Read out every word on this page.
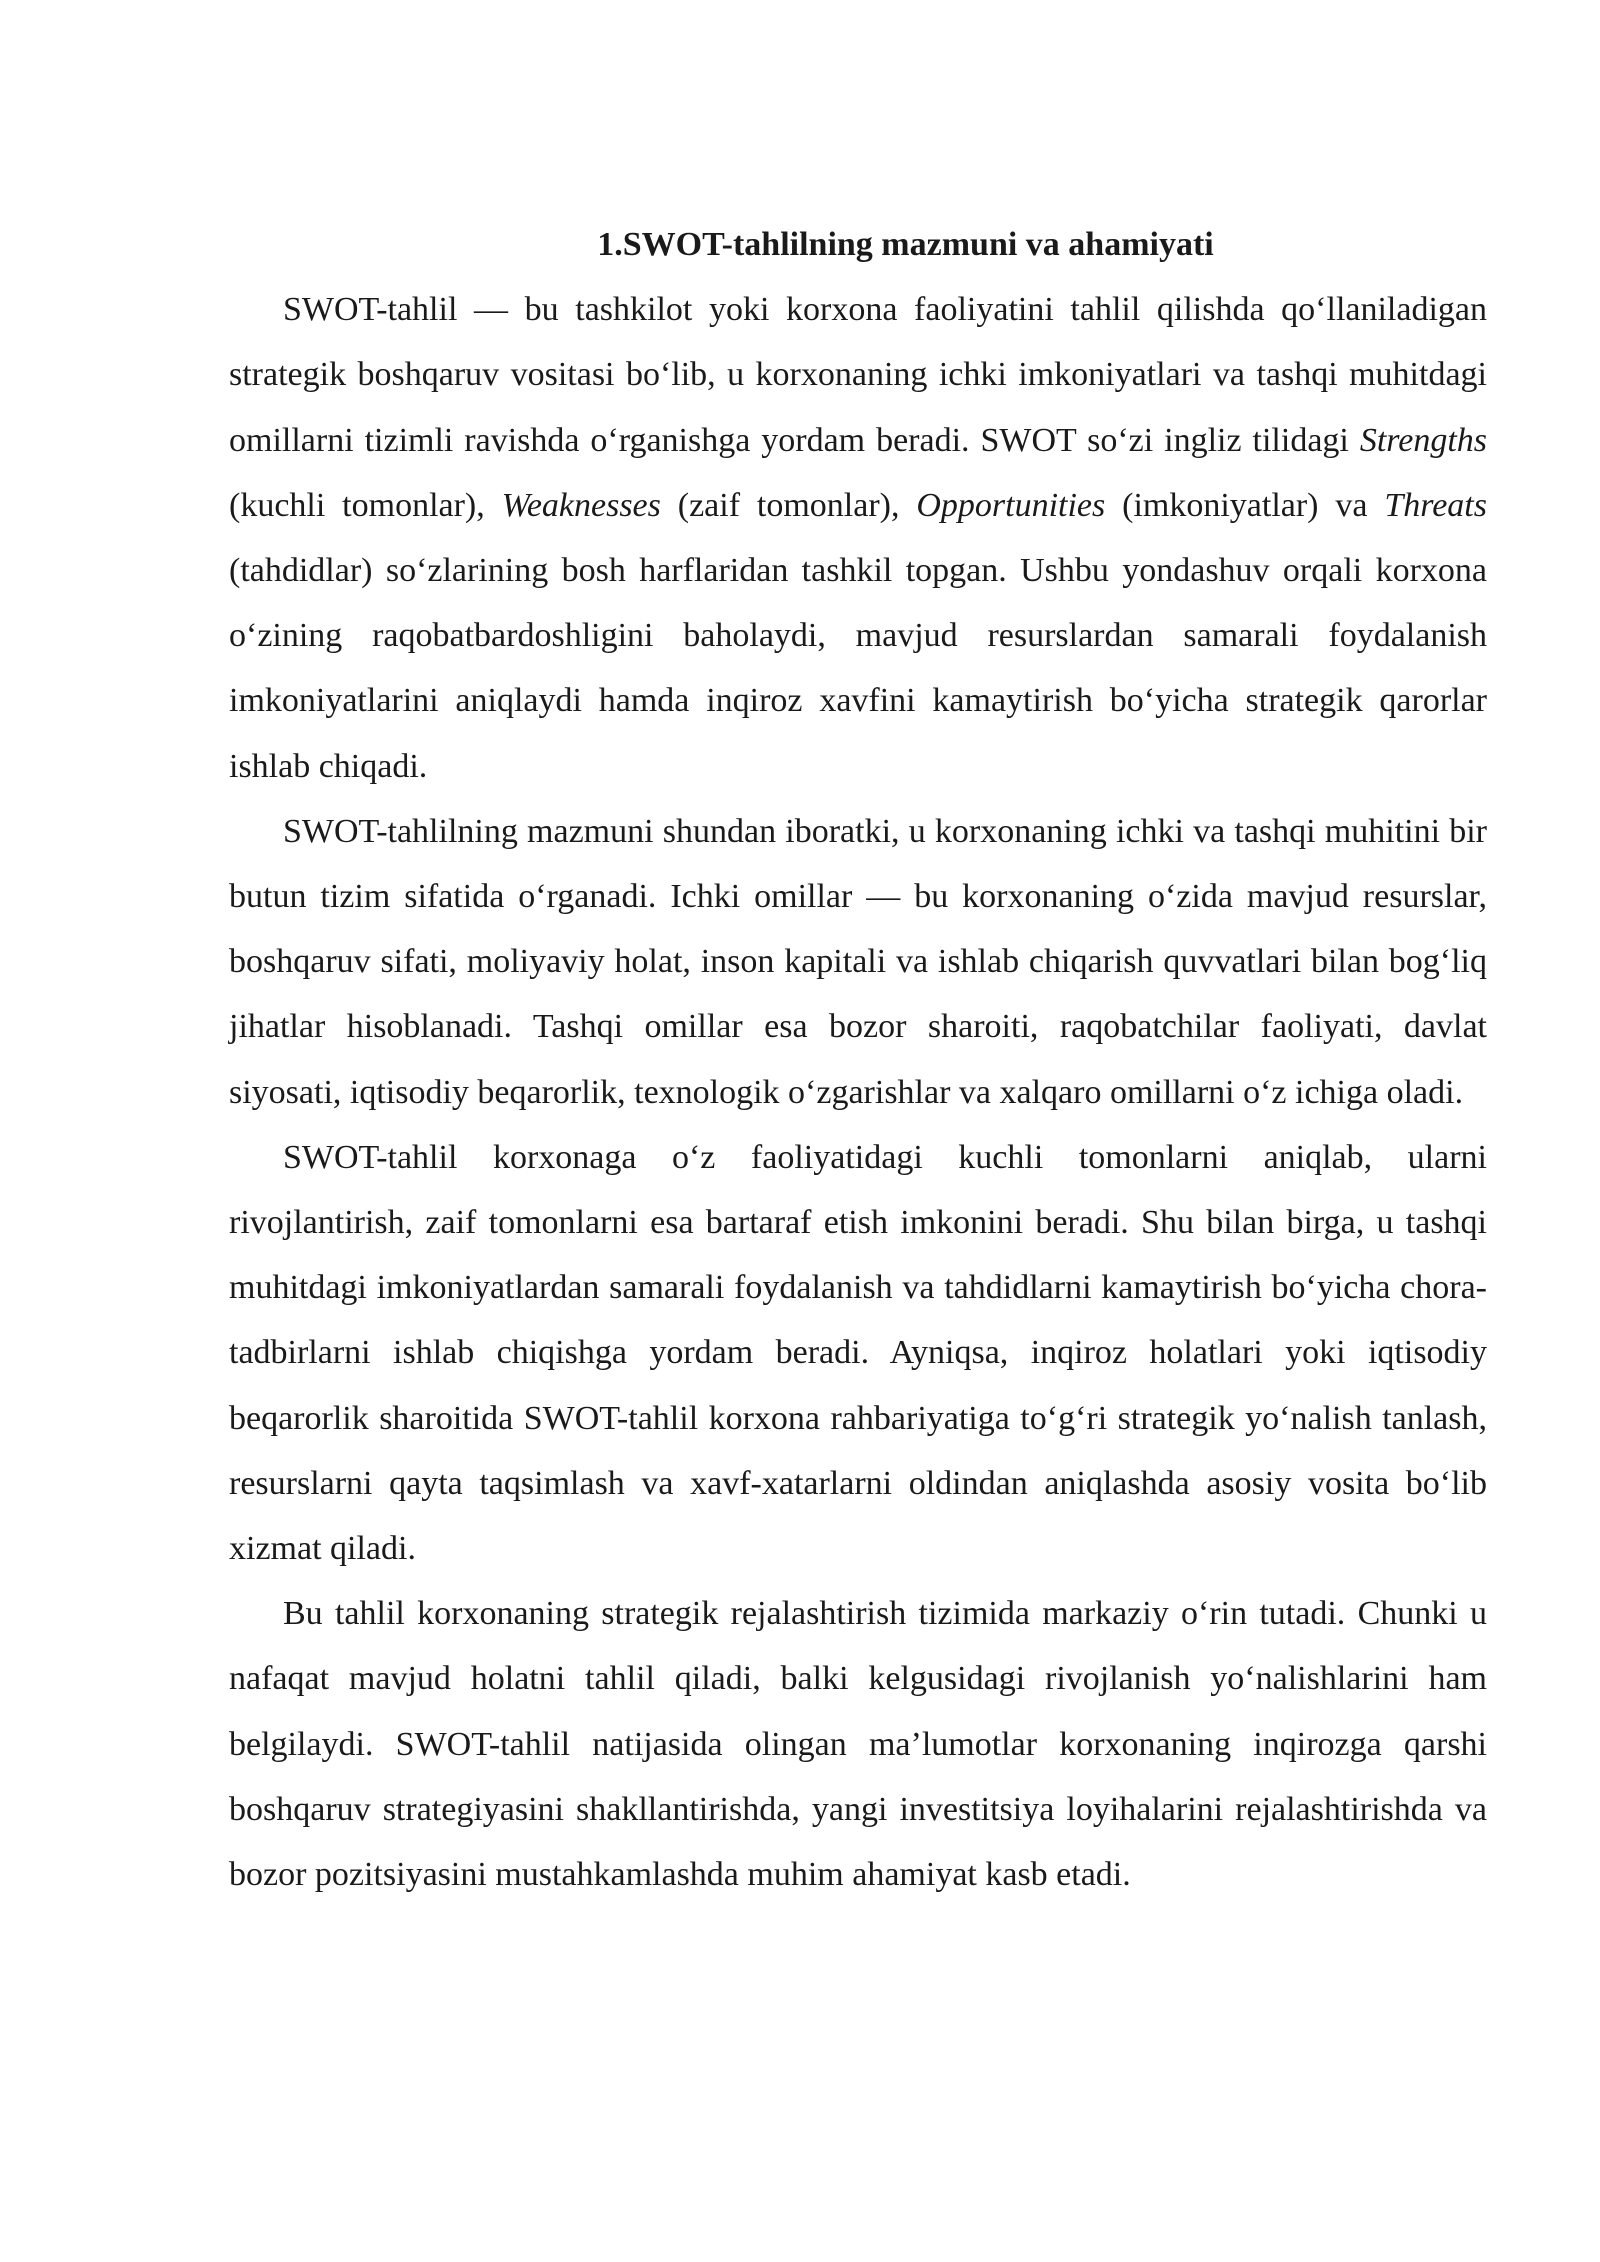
1.SWOT-tahlilning mazmuni va ahamiyati

SWOT-tahlil — bu tashkilot yoki korxona faoliyatini tahlil qilishda qo‘llaniladigan strategik boshqaruv vositasi bo‘lib, u korxonaning ichki imkoniyatlari va tashqi muhitdagi omillarni tizimli ravishda o‘rganishga yordam beradi. SWOT so‘zi ingliz tilidagi Strengths (kuchli tomonlar), Weaknesses (zaif tomonlar), Opportunities (imkoniyatlar) va Threats (tahdidlar) so‘zlarining bosh harflaridan tashkil topgan. Ushbu yondashuv orqali korxona o‘zining raqobatbardoshligini baholaydi, mavjud resurslardan samarali foydalanish imkoniyatlarini aniqlaydi hamda inqiroz xavfini kamaytirish bo‘yicha strategik qarorlar ishlab chiqadi.

SWOT-tahlilning mazmuni shundan iboratki, u korxonaning ichki va tashqi muhitini bir butun tizim sifatida o‘rganadi. Ichki omillar — bu korxonaning o‘zida mavjud resurslar, boshqaruv sifati, moliyaviy holat, inson kapitali va ishlab chiqarish quvvatlari bilan bog‘liq jihatlar hisoblanadi. Tashqi omillar esa bozor sharoiti, raqobatchilar faoliyati, davlat siyosati, iqtisodiy beqarorlik, texnologik o‘zgarishlar va xalqaro omillarni o‘z ichiga oladi.

SWOT-tahlil korxonaga o‘z faoliyatidagi kuchli tomonlarni aniqlab, ularni rivojlantirish, zaif tomonlarni esa bartaraf etish imkonini beradi. Shu bilan birga, u tashqi muhitdagi imkoniyatlardan samarali foydalanish va tahdidlarni kamaytirish bo‘yicha chora-tadbirlarni ishlab chiqishga yordam beradi. Ayniqsa, inqiroz holatlari yoki iqtisodiy beqarorlik sharoitida SWOT-tahlil korxona rahbariyatiga to‘g‘ri strategik yo‘nalish tanlash, resurslarni qayta taqsimlash va xavf-xatarlarni oldindan aniqlashda asosiy vosita bo‘lib xizmat qiladi.

Bu tahlil korxonaning strategik rejalashtirish tizimida markaziy o‘rin tutadi. Chunki u nafaqat mavjud holatni tahlil qiladi, balki kelgusidagi rivojlanish yo‘nalishlarini ham belgilaydi. SWOT-tahlil natijasida olingan ma’lumotlar korxonaning inqirozga qarshi boshqaruv strategiyasini shakllantirishda, yangi investitsiya loyihalarini rejalashtirishda va bozor pozitsiyasini mustahkamlashda muhim ahamiyat kasb etadi.
